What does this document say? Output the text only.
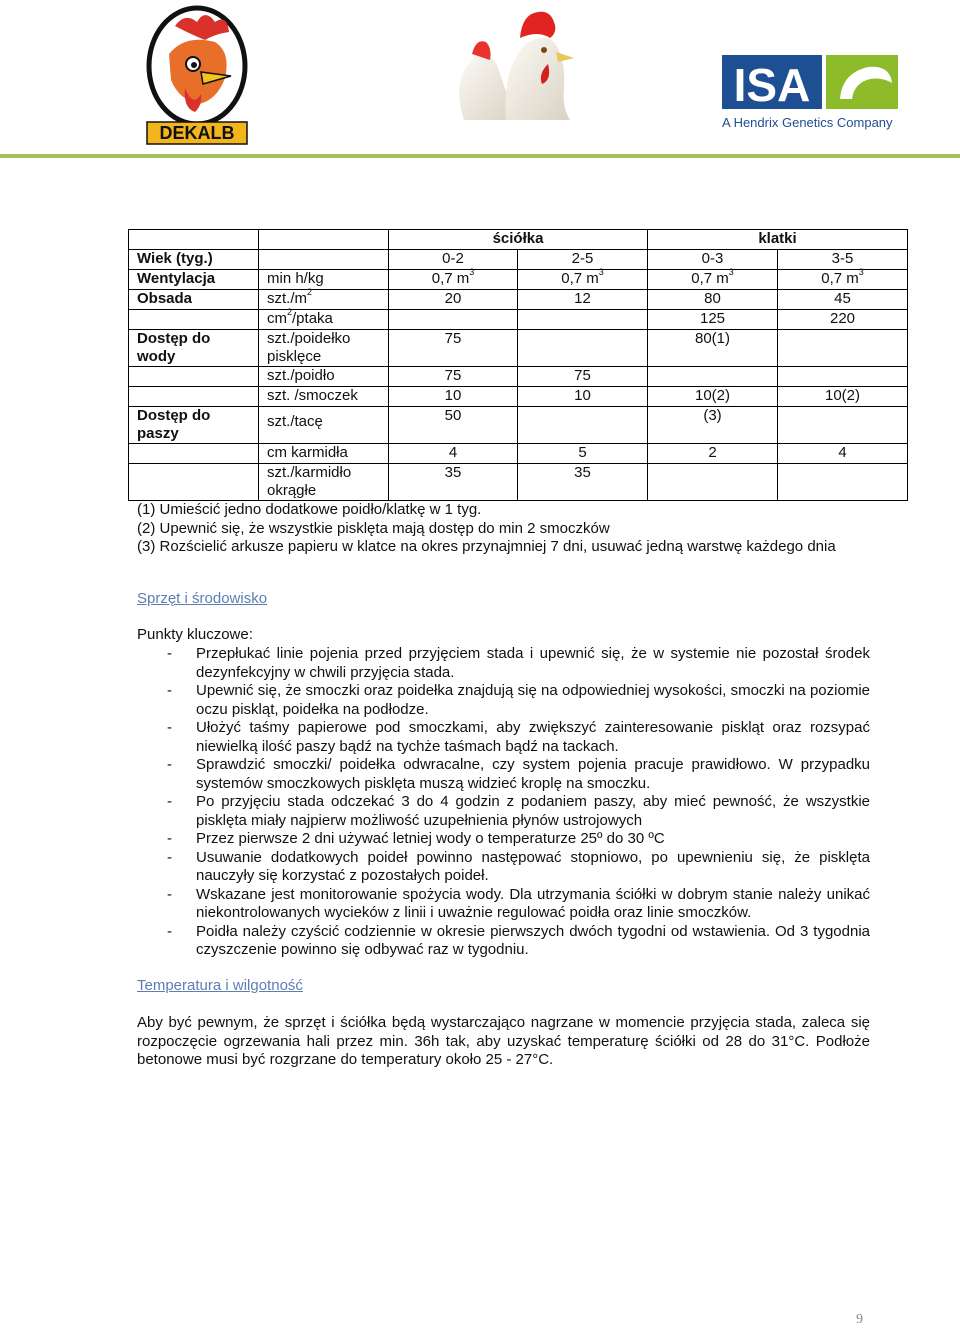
DEKALB
ISA
A Hendrix Genetics Company
		ściółka		klatki	
Wiek (tyg.)		0-2	2-5	0-3	3-5
Wentylacja	min h/kg	0,7 $m^3$	0,7 $m^3$	0,7 $m^3$	0,7 $m^3$
Obsada	$szt./m^2$	20	12	80	45
	$cm^2$/ptaka			125	220
Dostęp do wody	szt./poidełko pisklęce	75		80(1)	
	szt./poidło	75	75		
	szt. /smoczek	10	10	10(2)	10(2)
Dostęp do paszy	szt./tacę	50		(3)	
	cm karmidła	4	5	2	4
	szt./karmidło okrągłe	35	35		

(1) Umieścić jedno dodatkowe poidło/klatkę w 1 tyg.

(2) Upewnić się, że wszystkie pisklęta mają dostęp do min 2 smoczków

(3) Rozścielić arkusze papieru w klatce na okres przynajmniej 7 dni, usuwać jedną warstwę każdego dnia

Sprzęt i środowisko
Punkty kluczowe:
- Przepłukać linie pojenia przed przyjęciem stada i upewnić się, że w systemie nie pozostał środek dezynfekcyjny w chwili przyjęcia stada.
- Upewnić się, że smoczki oraz poidełka znajdują się na odpowiedniej wysokości, smoczki na poziomie oczu piskląt, poidełka na podłodze.
- Ułożyć taśmy papierowe pod smoczkami, aby zwiększyć zainteresowanie piskląt oraz rozsypać niewielką ilość paszy bądź na tychże taśmach bądź na tackach.
- Sprawdzić smoczki/ poidełka odwracalne, czy system pojenia pracuje prawidłowo. W przypadku systemów smoczkowych pisklęta muszą widzieć kroplę na smoczku.
- Po przyjęciu stada odczekać 3 do 4 godzin z podaniem paszy, aby mieć pewność, że wszystkie pisklęta miały najpierw możliwość uzupełnienia płynów ustrojowych
- Przez pierwsze 2 dni używać letniej wody o temperaturze 25º do 30 ºC
- Usuwanie dodatkowych poideł powinno następować stopniowo, po upewnieniu się, że pisklęta nauczyły się korzystać z pozostałych poideł.
- Wskazane jest monitorowanie spożycia wody. Dla utrzymania ściółki w dobrym stanie należy unikać niekontrolowanych wycieków z linii i uważnie regulować poidła oraz linie smoczków.
- Poidła należy czyścić codziennie w okresie pierwszych dwóch tygodni od wstawienia. Od 3 tygodnia czyszczenie powinno się odbywać raz w tygodniu.
Temperatura i wilgotność
Aby być pewnym, że sprzęt i ściółka będą wystarczająco nagrzane w momencie przyjęcia stada, zaleca się rozpoczęcie ogrzewania hali przez min. 36h tak, aby uzyskać temperaturę ściółki od 28 do 31°C. Podłoże betonowe musi być rozgrzane do temperatury około 25 - 27°C.
9
